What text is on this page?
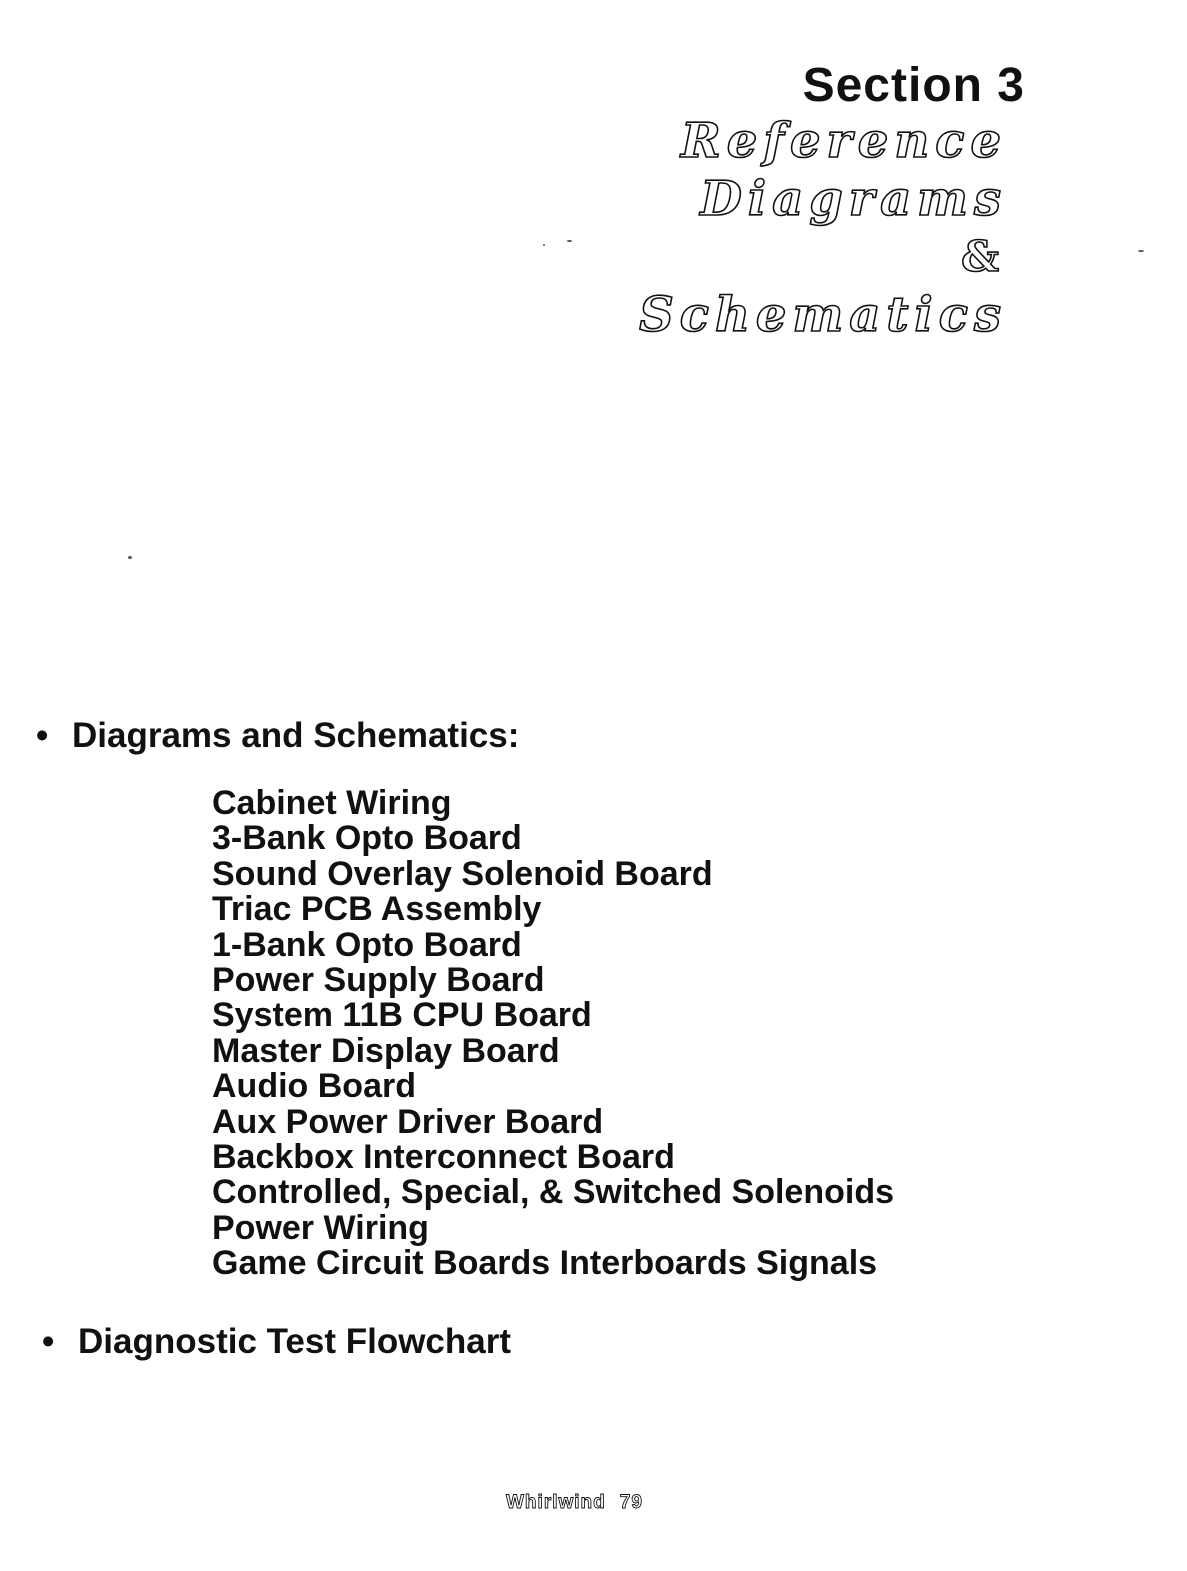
Section 3
Reference
Diagrams
&
Schematics
• Diagrams and Schematics:
Cabinet Wiring
3-Bank Opto Board
Sound Overlay Solenoid Board
Triac PCB Assembly
1-Bank Opto Board
Power Supply Board
System 11B CPU Board
Master Display Board
Audio Board
Aux Power Driver Board
Backbox Interconnect Board
Controlled, Special, & Switched Solenoids
Power Wiring
Game Circuit Boards Interboards Signals
• Diagnostic Test Flowchart
Whirlwind 79
